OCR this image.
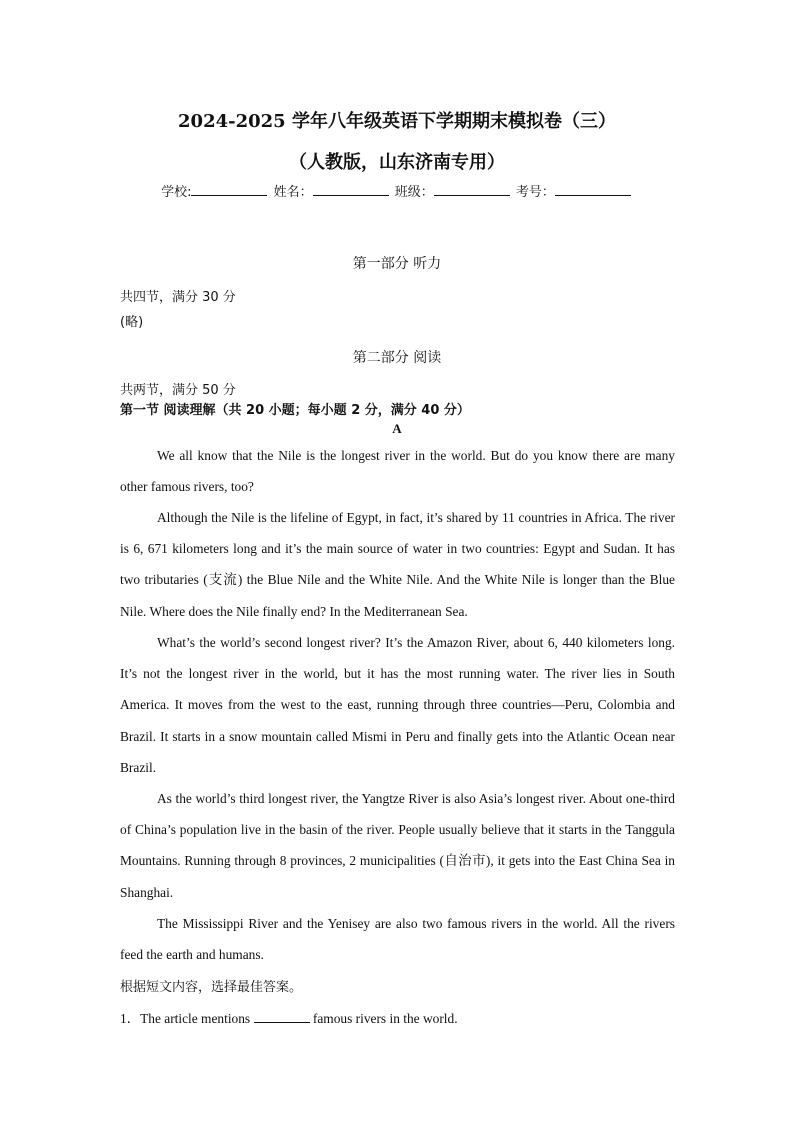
2024-2025 学年八年级英语下学期期末模拟卷（三）
（人教版，山东济南专用）
学校:	姓名：	班级：	考号：
第一部分 听力
共四节，满分 30 分
(略)
第二部分 阅读
共两节，满分 50 分
第一节 阅读理解（共 20 小题；每小题 2 分，满分 40 分）
A

We all know that the Nile is the longest river in the world. But do you know there are many other famous rivers, too?

Although the Nile is the lifeline of Egypt, in fact, it’s shared by 11 countries in Africa. The river is 6, 671 kilometers long and it’s the main source of water in two countries: Egypt and Sudan. It has two tributaries (支流) the Blue Nile and the White Nile. And the White Nile is longer than the Blue Nile. Where does the Nile finally end? In the Mediterranean Sea.

What’s the world’s second longest river? It’s the Amazon River, about 6, 440 kilometers long. It’s not the longest river in the world, but it has the most running water. The river lies in South America. It moves from the west to the east, running through three countries—Peru, Colombia and Brazil. It starts in a snow mountain called Mismi in Peru and finally gets into the Atlantic Ocean near Brazil.

As the world’s third longest river, the Yangtze River is also Asia’s longest river. About one-third of China’s population live in the basin of the river. People usually believe that it starts in the Tanggula Mountains. Running through 8 provinces, 2 municipalities (自治市), it gets into the East China Sea in Shanghai.

The Mississippi River and the Yenisey are also two famous rivers in the world. All the rivers feed the earth and humans.

根据短文内容，选择最佳答案。
1．The article mentions	famous rivers in the world.
